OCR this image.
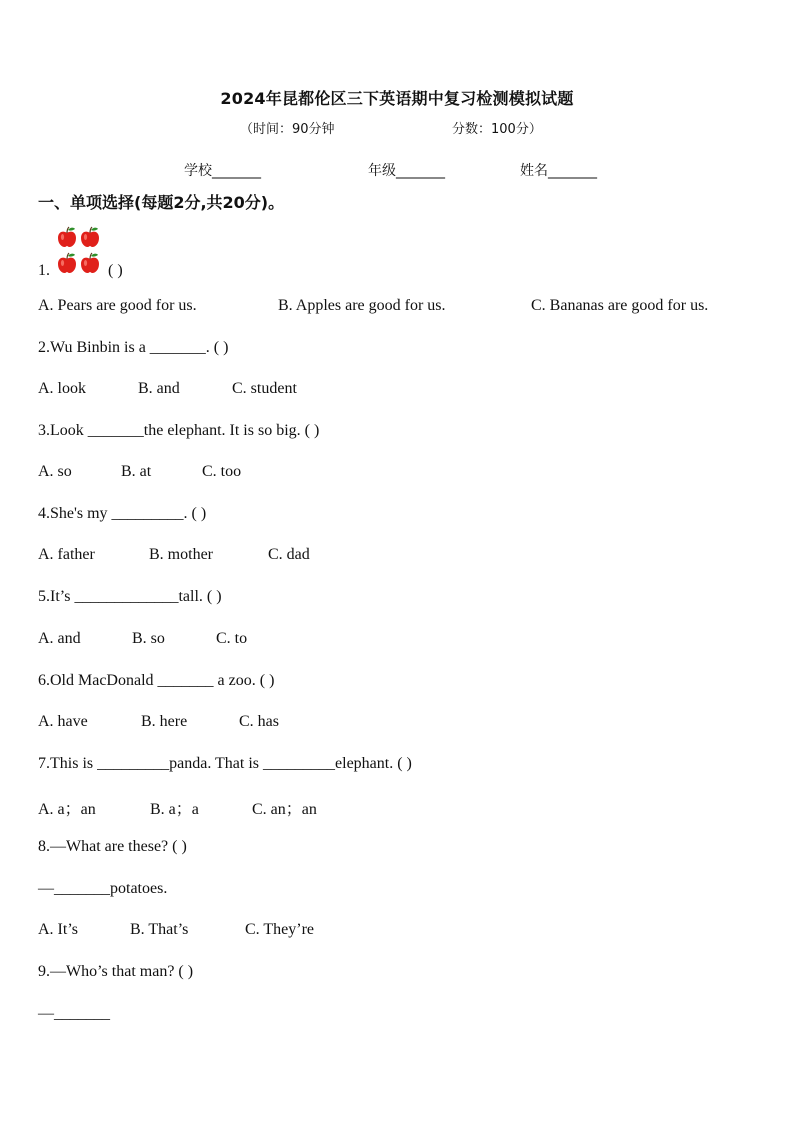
2024年昆都伦区三下英语期中复习检测模拟试题
（时间：90分钟	分数：100分）
学校_______	年级_______	姓名_______
一、单项选择(每题2分,共20分)。
1.	( )
A. Pears are good for us.	B. Apples are good for us.	C. Bananas are good for us.
2.Wu Binbin is a _______. ( )
A. look	B. and	C. student
3.Look _______the elephant. It is so big. ( )
A. so	B. at	C. too
4.She's my _________. ( )
A. father	B. mother	C. dad
5.It’s _____________tall. ( )
A. and	B. so	C. to
6.Old MacDonald _______ a zoo. ( )
A. have	B. here	C. has
7.This is _________panda. That is _________elephant. ( )
A. a；an	B. a；a	C. an；an
8.—What are these? ( )
—_______potatoes.
A. It’s	B. That’s	C. They’re
9.—Who’s that man? ( )
—_______
